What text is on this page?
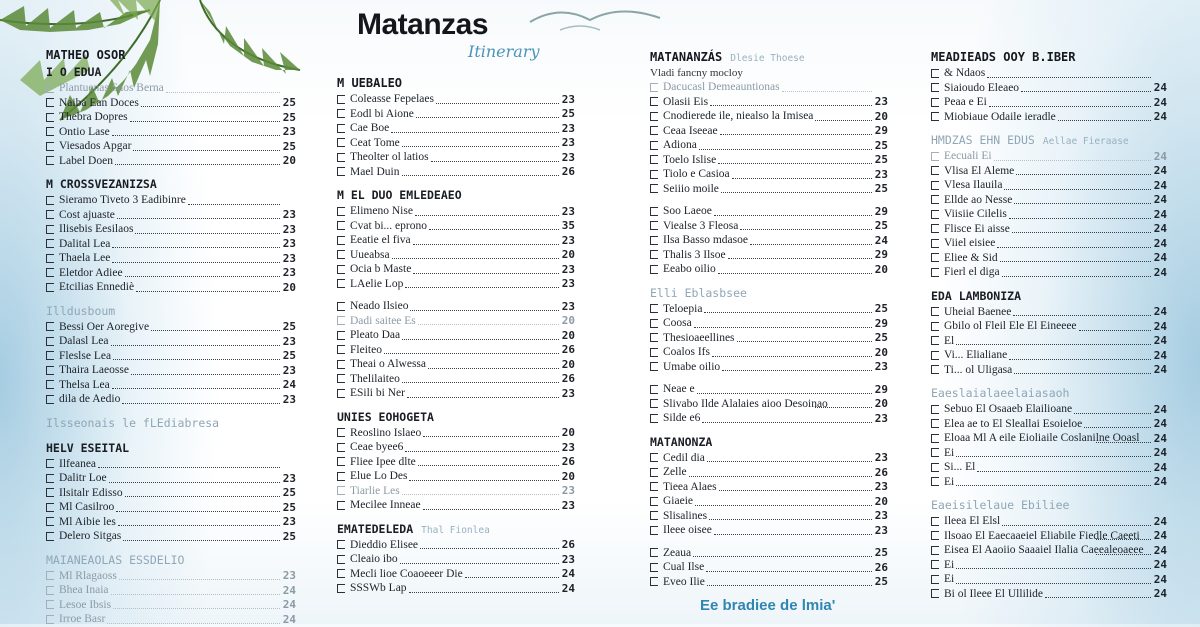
Matanzas
Itinerary
MATHEO OSOR
I O EDUA
Plantuenas Saos Berna
Naiba Ean Doces	25
Thebra Dopres	25
Ontio Lase	23
Viesados Apgar	25
Label Doen	20
M CROSSVEZANIZSA
Sieramo Tiveto 3 Eadibinre
Cost ajuaste	23
Ilisebis Eesilaos	23
Dalital Lea	23
Thaela Lee	23
Eletdor Adiee	23
Etcilias Ennediè	20
Illdusboum
Bessi Oer Aoregive	25
Dalasl Lea	23
Fleslse Lea	25
Thaira Laeosse	23
Thelsa Lea	24
dila de Aedio	23
Ilsseonais le fLEdiabresa
HELV ESEITAL
Ilfeanea
Dalitr Loe	23
Ilsitalr Edisso	25
Ml Casilroo	25
Ml Aibie les	23
Delero Sitgas	25
MAIANEAOLAS ESSDELIO
Ml Rlagaoss	23
Bhea Inaia	24
Lesoe Ibsis	24
Irroe Basr	24
M UEBALEO
Coleasse Fepelaes	23
Eodl bi Aione	25
Cae Boe	23
Ceat Tome	23
Theolter ol latios	23
Mael Duin	26
M EL DUO EMLEDEAEO
Elimeno Nise	23
Cvat bi... eprono	35
Eeatie el fiva	23
Uueabsa	20
Ocia b Maste	23
LAelie Lop	23
Neado Ilsieo	23
Dadi saitee Es	20
Pleato Daa	20
Fleiteo	26
Theai o Alwessa	20
Thelilaiteo	26
ESili bi Ner	23
UNIES EOHOGETA
Reoslino Islaeo	20
Ceae byee6	23
Fliee Ipee dlte	26
Elue Lo Des	20
Tiarlie Les	23
Mecilee Inneae	23
EMATEDELEDA Thal Fionlea
Dieddio Elisee	26
Cleaio ibo	23
Mecli lioe Coaoeeer Die	24
SSSWb Lap	24
MATANANZÁS Dlesie Thoese
Vladi fancny mocloy
Dacucasl Demeauntionas
Olasii Eis	23
Cnodierede ile, niealso la Imisea	20
Ceaa Iseeae	29
Adiona	25
Toelo Islise	25
Tiolo e Casioa	23
Seiiio moile	25
Soo Laeoe	29
Viealse 3 Fleosa	25
Ilsa Basso mdasoe	24
Thalis 3 Ilsoe	29
Eeabo oilio	20
Elli Eblasbsee
Teloepia	25
Coosa	29
Thesioaeellines	25
Coalos Ifs	20
Umabe oilio	23
Neae e	29
Slivabo Ilde Alalaies aioo Desoinao	20
Silde e6	23
MATANONZA
Cedil dia	23
Zelle	26
Tieea Alaes	23
Giaeie	20
Slisalines	23
Ileee oisee	23
Zeaua	25
Cual Ilse	26
Eveo Ilie	25
MEADIEADS OOY B.IBER
& Ndaos
Siaioudo Eleaeo	24
Peaa e Ei	24
Miobiaue Odaile ieradle	24
HMDZAS EHN EDUS Aellae Fieraase
Eecuali Ei	24
Vlisa El Aleme	24
Vlesa Ilauila	24
Ellde ao Nesse	24
Viisiie Cilelis	24
Flisce Ei aisse	24
Viiel eisiee	24
Eliee & Sid	24
Fierl el diga	24
EDA LAMBONIZA
Uheial Baenee	24
Gbilo ol Fleil Ele El Eineeee	24
El	24
Vi... Elialiane	24
Ti... ol Uligasa	24
Eaeslaialaeelaiasaoh
Sebuo El Osaaeb Elailioane	24
Elea ae to El Sleallai Esoieloe	24
Eloaa Ml A eile Eioliaile Coslanilne Ooasl 24
Ei	24
Si... El	24
Ei	24
Eaeisilelaue Ebiliee
Ileea El Elsl	24
Ilsoao El Eaecaaeiel Eliabile Fiedle Caeeti 24
Eisea El Aaoiio Saaaiel Ilalia Caeealeoaeee 24
Ei	24
Ei	24
Bi ol Ileee El Ullilide	24
Ee bradiee de lmia'
